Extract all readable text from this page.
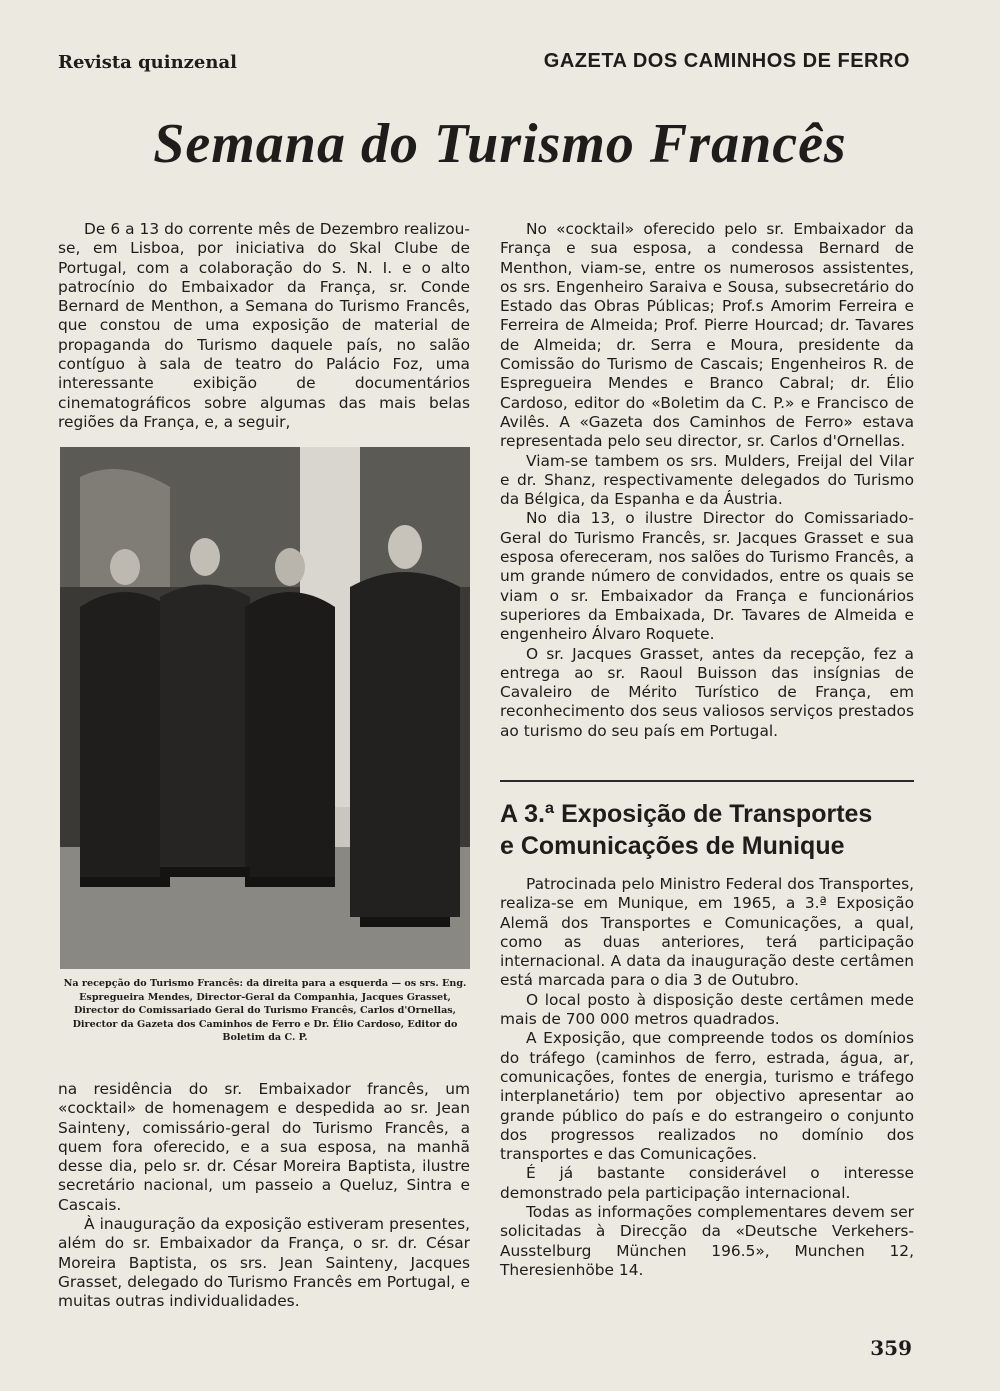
Revista quinzenal	GAZETA DOS CAMINHOS DE FERRO
Semana do Turismo Francês

De 6 a 13 do corrente mês de Dezembro realizou-se, em Lisboa, por iniciativa do Skal Clube de Portugal, com a colaboração do S. N. I. e o alto patrocínio do Embaixador da França, sr. Conde Bernard de Menthon, a Semana do Turismo Francês, que constou de uma exposição de material de propaganda do Turismo daquele país, no salão contíguo à sala de teatro do Palácio Foz, uma interessante exibição de documentários cinematográficos sobre algumas das mais belas regiões da França, e, a seguir,

Na recepção do Turismo Francês: da direita para a esquerda — os srs. Eng. Espregueira Mendes, Director-Geral da Companhia, Jacques Grasset, Director do Comissariado Geral do Turismo Francês, Carlos d'Ornellas, Director da Gazeta dos Caminhos de Ferro e Dr. Élio Cardoso, Editor do Boletim da C. P.

na residência do sr. Embaixador francês, um «cocktail» de homenagem e despedida ao sr. Jean Sainteny, comissário-geral do Turismo Francês, a quem fora oferecido, e a sua esposa, na manhã desse dia, pelo sr. dr. César Moreira Baptista, ilustre secretário nacional, um passeio a Queluz, Sintra e Cascais.

À inauguração da exposição estiveram presentes, além do sr. Embaixador da França, o sr. dr. César Moreira Baptista, os srs. Jean Sainteny, Jacques Grasset, delegado do Turismo Francês em Portugal, e muitas outras individualidades.

No «cocktail» oferecido pelo sr. Embaixador da França e sua esposa, a condessa Bernard de Menthon, viam-se, entre os numerosos assistentes, os srs. Engenheiro Saraiva e Sousa, subsecretário do Estado das Obras Públicas; Prof.s Amorim Ferreira e Ferreira de Almeida; Prof. Pierre Hourcad; dr. Tavares de Almeida; dr. Serra e Moura, presidente da Comissão do Turismo de Cascais; Engenheiros R. de Espregueira Mendes e Branco Cabral; dr. Élio Cardoso, editor do «Boletim da C. P.» e Francisco de Avilês. A «Gazeta dos Caminhos de Ferro» estava representada pelo seu director, sr. Carlos d'Ornellas.

Viam-se tambem os srs. Mulders, Freijal del Vilar e dr. Shanz, respectivamente delegados do Turismo da Bélgica, da Espanha e da Áustria.

No dia 13, o ilustre Director do Comissariado-Geral do Turismo Francês, sr. Jacques Grasset e sua esposa ofereceram, nos salões do Turismo Francês, a um grande número de convidados, entre os quais se viam o sr. Embaixador da França e funcionários superiores da Embaixada, Dr. Tavares de Almeida e engenheiro Álvaro Roquete.

O sr. Jacques Grasset, antes da recepção, fez a entrega ao sr. Raoul Buisson das insígnias de Cavaleiro de Mérito Turístico de França, em reconhecimento dos seus valiosos serviços prestados ao turismo do seu país em Portugal.

A 3.ª Exposição de Transportes
e Comunicações de Munique

Patrocinada pelo Ministro Federal dos Transportes, realiza-se em Munique, em 1965, a 3.ª Exposição Alemã dos Transportes e Comunicações, a qual, como as duas anteriores, terá participação internacional. A data da inauguração deste certâmen está marcada para o dia 3 de Outubro.

O local posto à disposição deste certâmen mede mais de 700 000 metros quadrados.

A Exposição, que compreende todos os domínios do tráfego (caminhos de ferro, estrada, água, ar, comunicações, fontes de energia, turismo e tráfego interplanetário) tem por objectivo apresentar ao grande público do país e do estrangeiro o conjunto dos progressos realizados no domínio dos transportes e das Comunicações.

É já bastante considerável o interesse demonstrado pela participação internacional.

Todas as informações complementares devem ser solicitadas à Direcção da «Deutsche Verkehers-Ausstelburg München 196.5», Munchen 12, Theresienhöbe 14.

359
